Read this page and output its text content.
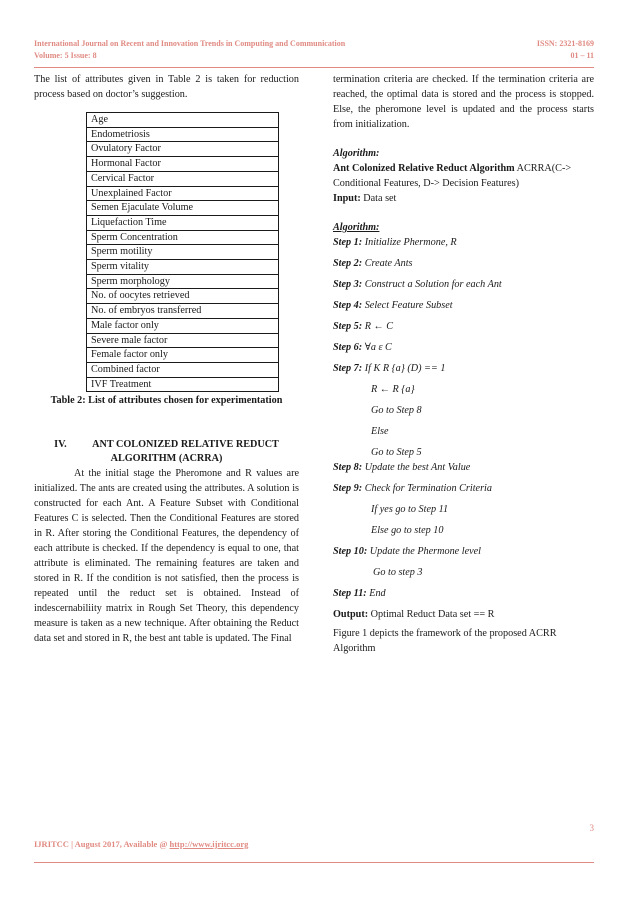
International Journal on Recent and Innovation Trends in Computing and Communication
Volume: 5 Issue: 8
ISSN: 2321-8169
01 – 11

The list of attributes given in Table 2 is taken for reduction process based on doctor’s suggestion.

Age
Endometriosis
Ovulatory Factor
Hormonal Factor
Cervical Factor
Unexplained Factor
Semen Ejaculate Volume
Liquefaction Time
Sperm Concentration
Sperm motility
Sperm vitality
Sperm morphology
No. of oocytes retrieved
No. of embryos transferred
Male factor only
Severe male factor
Female factor only
Combined factor
IVF Treatment
Table 2: List of attributes chosen for experimentation
IV. ANT COLONIZED RELATIVE REDUCT
ALGORITHM (ACRRA)

At the initial stage the Pheromone and R values are initialized. The ants are created using the attributes. A solution is constructed for each Ant. A Feature Subset with Conditional Features C is selected. Then the Conditional Features are stored in R. After storing the Conditional Features, the dependency of each attribute is checked. If the dependency is equal to one, that attribute is eliminated. The remaining features are taken and stored in R. If the condition is not satisfied, then the process is repeated until the reduct set is obtained. Instead of indescernabiliity matrix in Rough Set Theory, this dependency measure is taken as a new technique. After obtaining the Reduct data set and stored in R, the best ant table is updated. The Final

termination criteria are checked. If the termination criteria are reached, the optimal data is stored and the process is stopped. Else, the pheromone level is updated and the process starts from initialization.

Algorithm:
Ant Colonized Relative Reduct Algorithm ACRRA(C-> Conditional Features, D-> Decision Features)
Input: Data set
Algorithm:
Step 1: Initialize Phermone, R
Step 2: Create Ants
Step 3: Construct a Solution for each Ant
Step 4: Select Feature Subset
Step 5: R ← C
Step 6: ∀a ε C
Step 7: If K R {a} (D) == 1
R ← R {a}
Go to Step 8
Else
Go to Step 5
Step 8: Update the best Ant Value
Step 9: Check for Termination Criteria
If yes go to Step 11
Else go to step 10
Step 10: Update the Phermone level
Go to step 3
Step 11: End
Output: Optimal Reduct Data set == R
Figure 1 depicts the framework of the proposed ACRR Algorithm
3
IJRITCC | August 2017, Available @ http://www.ijritcc.org
